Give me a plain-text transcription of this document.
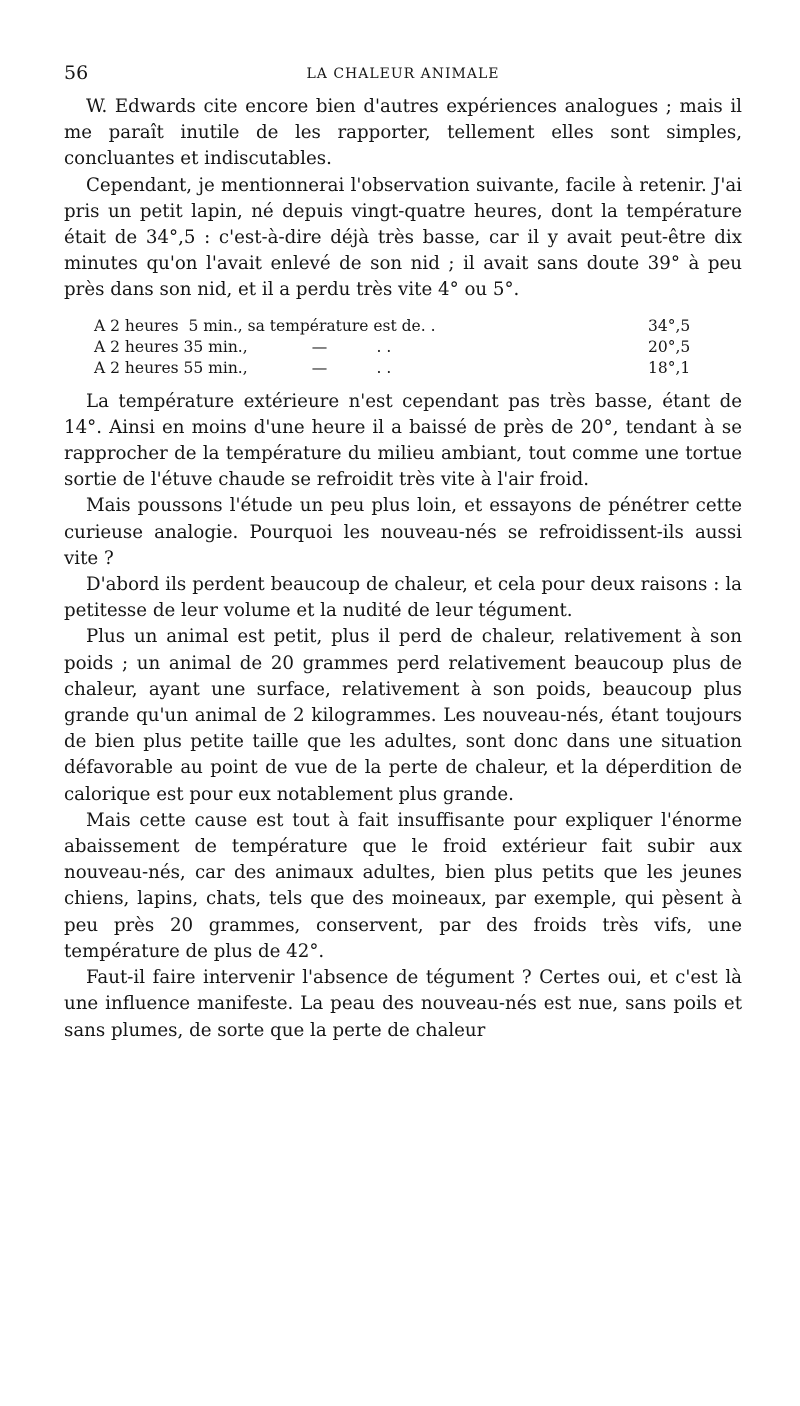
56	LA CHALEUR ANIMALE

W. Edwards cite encore bien d'autres expériences analogues ; mais il me paraît inutile de les rapporter, tellement elles sont simples, concluantes et indiscutables.

Cependant, je mentionnerai l'observation suivante, facile à retenir. J'ai pris un petit lapin, né depuis vingt-quatre heures, dont la température était de 34°,5 : c'est-à-dire déjà très basse, car il y avait peut-être dix minutes qu'on l'avait enlevé de son nid ; il avait sans doute 39° à peu près dans son nid, et il a perdu très vite 4° ou 5°.

A 2 heures  5 min., sa température est de. .	34°,5
A 2 heures 35 min.,             —          . .	20°,5
A 2 heures 55 min.,             —          . .	18°,1

La température extérieure n'est cependant pas très basse, étant de 14°. Ainsi en moins d'une heure il a baissé de près de 20°, tendant à se rapprocher de la température du milieu ambiant, tout comme une tortue sortie de l'étuve chaude se refroidit très vite à l'air froid.

Mais poussons l'étude un peu plus loin, et essayons de pénétrer cette curieuse analogie. Pourquoi les nouveau-nés se refroidissent-ils aussi vite ?

D'abord ils perdent beaucoup de chaleur, et cela pour deux raisons : la petitesse de leur volume et la nudité de leur tégument.

Plus un animal est petit, plus il perd de chaleur, relativement à son poids ; un animal de 20 grammes perd relativement beaucoup plus de chaleur, ayant une surface, relativement à son poids, beaucoup plus grande qu'un animal de 2 kilogrammes. Les nouveau-nés, étant toujours de bien plus petite taille que les adultes, sont donc dans une situation défavorable au point de vue de la perte de chaleur, et la déperdition de calorique est pour eux notablement plus grande.

Mais cette cause est tout à fait insuffisante pour expliquer l'énorme abaissement de température que le froid extérieur fait subir aux nouveau-nés, car des animaux adultes, bien plus petits que les jeunes chiens, lapins, chats, tels que des moineaux, par exemple, qui pèsent à peu près 20 grammes, conservent, par des froids très vifs, une température de plus de 42°.

Faut-il faire intervenir l'absence de tégument ? Certes oui, et c'est là une influence manifeste. La peau des nouveau-nés est nue, sans poils et sans plumes, de sorte que la perte de chaleur
